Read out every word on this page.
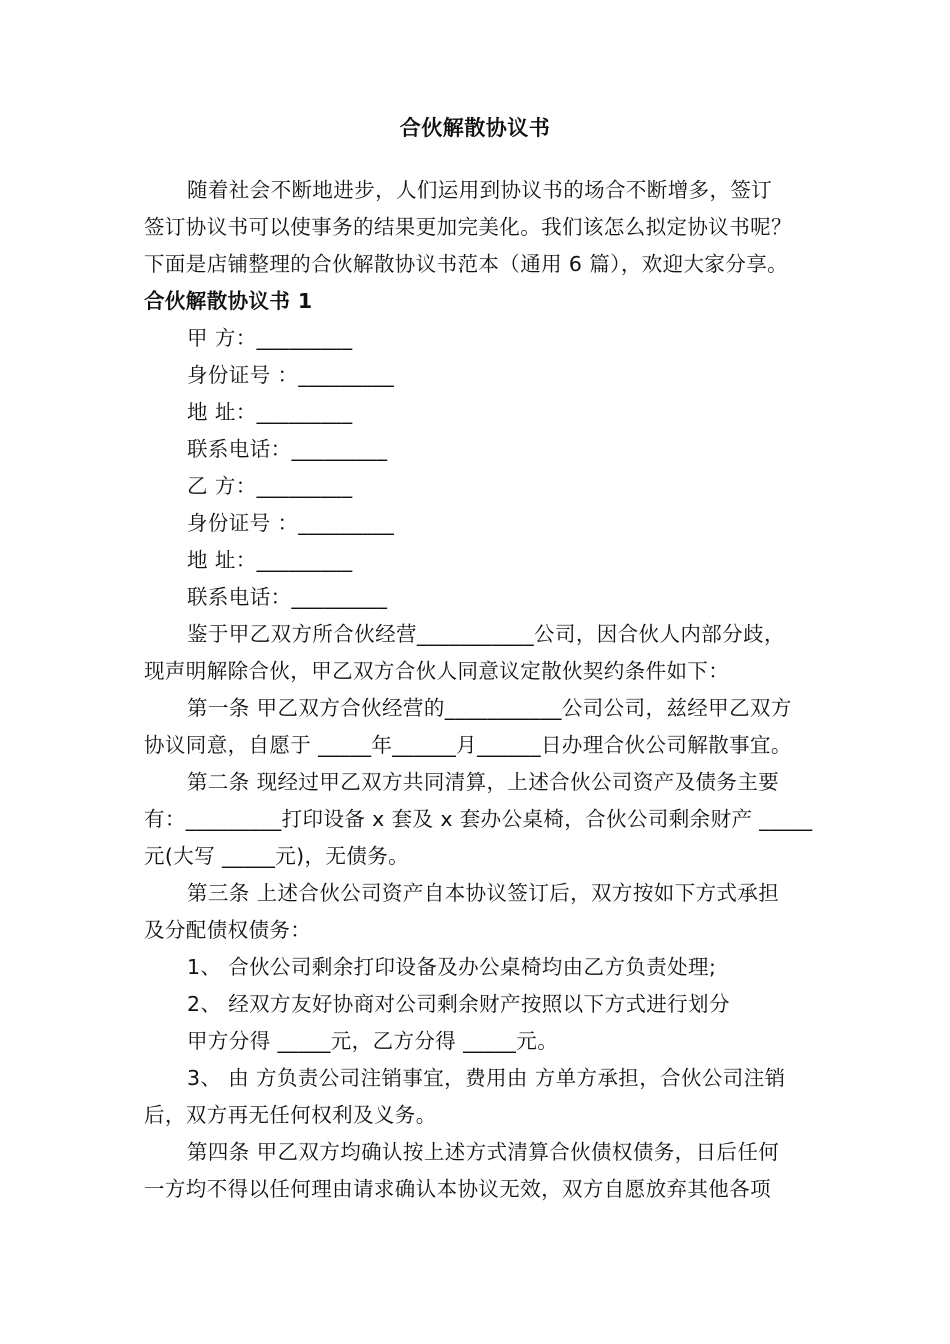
合伙解散协议书
随着社会不断地进步，人们运用到协议书的场合不断增多，签订
签订协议书可以使事务的结果更加完美化。我们该怎么拟定协议书呢？
下面是店铺整理的合伙解散协议书范本（通用 6 篇），欢迎大家分享。
合伙解散协议书 1
甲 方：_________
身份证号 ：_________
地 址：_________
联系电话：_________
乙 方：_________
身份证号 ：_________
地 址：_________
联系电话：_________
鉴于甲乙双方所合伙经营___________公司，因合伙人内部分歧，
现声明解除合伙，甲乙双方合伙人同意议定散伙契约条件如下：
第一条 甲乙双方合伙经营的___________公司公司，兹经甲乙双方
协议同意，自愿于 _____年______月______日办理合伙公司解散事宜。
第二条 现经过甲乙双方共同清算，上述合伙公司资产及债务主要
有：_________打印设备 x 套及 x 套办公桌椅，合伙公司剩余财产 _____
元(大写 _____元)，无债务。
第三条 上述合伙公司资产自本协议签订后，双方按如下方式承担
及分配债权债务：
1、 合伙公司剩余打印设备及办公桌椅均由乙方负责处理;
2、 经双方友好协商对公司剩余财产按照以下方式进行划分
甲方分得 _____元，乙方分得 _____元。
3、 由 方负责公司注销事宜，费用由 方单方承担，合伙公司注销
后，双方再无任何权利及义务。
第四条 甲乙双方均确认按上述方式清算合伙债权债务，日后任何
一方均不得以任何理由请求确认本协议无效，双方自愿放弃其他各项
